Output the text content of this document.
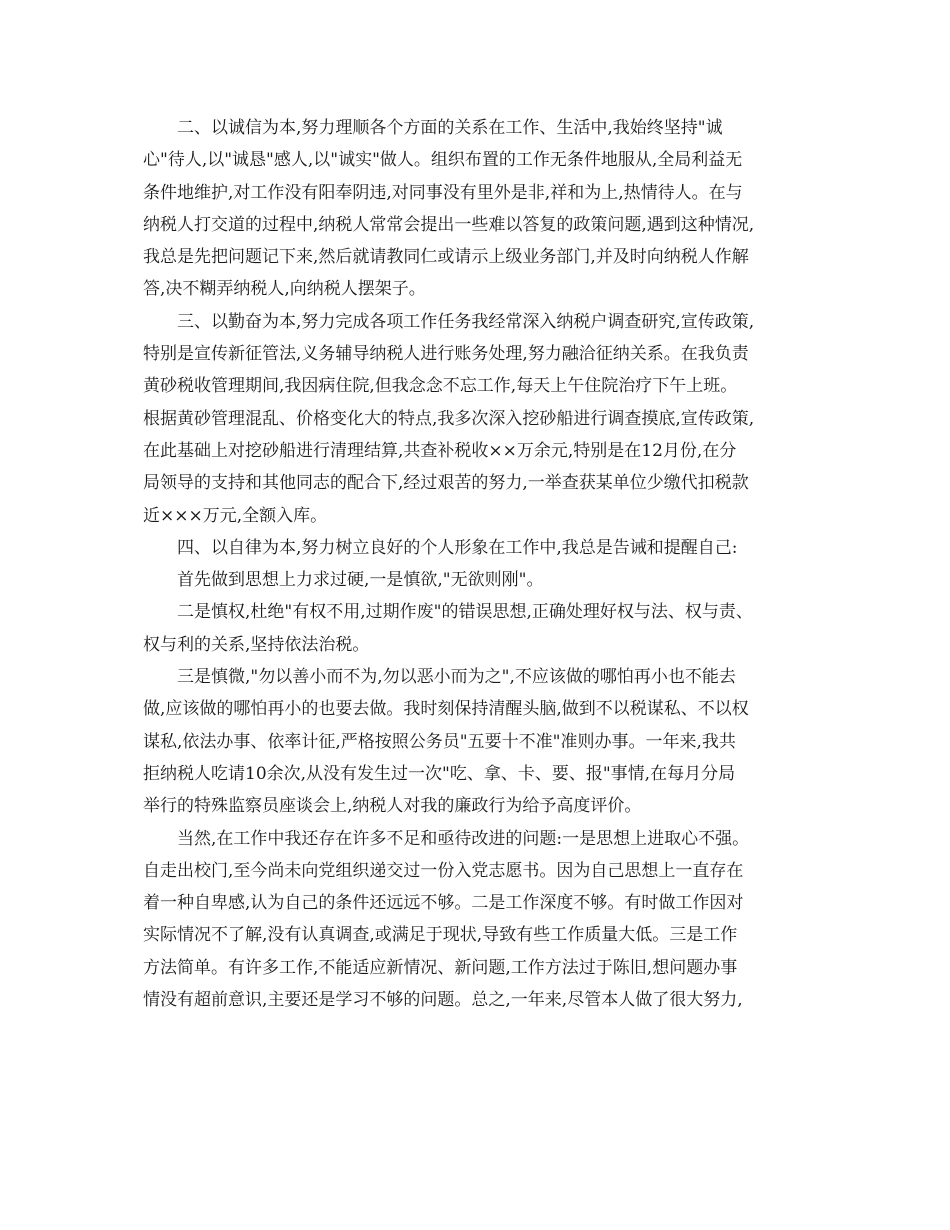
　　二、以诚信为本,努力理顺各个方面的关系在工作、生活中,我始终坚持"诚
心"待人,以"诚恳"感人,以"诚实"做人。组织布置的工作无条件地服从,全局利益无
条件地维护,对工作没有阳奉阴违,对同事没有里外是非,祥和为上,热情待人。在与
纳税人打交道的过程中,纳税人常常会提出一些难以答复的政策问题,遇到这种情况,
我总是先把问题记下来,然后就请教同仁或请示上级业务部门,并及时向纳税人作解
答,决不糊弄纳税人,向纳税人摆架子。

　　三、以勤奋为本,努力完成各项工作任务我经常深入纳税户调查研究,宣传政策,
特别是宣传新征管法,义务辅导纳税人进行账务处理,努力融洽征纳关系。在我负责
黄砂税收管理期间,我因病住院,但我念念不忘工作,每天上午住院治疗下午上班。
根据黄砂管理混乱、价格变化大的特点,我多次深入挖砂船进行调查摸底,宣传政策,
在此基础上对挖砂船进行清理结算,共查补税收××万余元,特别是在12月份,在分
局领导的支持和其他同志的配合下,经过艰苦的努力,一举查获某单位少缴代扣税款
近×××万元,全额入库。

　　四、以自律为本,努力树立良好的个人形象在工作中,我总是告诫和提醒自己:

　　首先做到思想上力求过硬,一是慎欲,"无欲则刚"。

　　二是慎权,杜绝"有权不用,过期作废"的错误思想,正确处理好权与法、权与责、
权与利的关系,坚持依法治税。

　　三是慎微,"勿以善小而不为,勿以恶小而为之",不应该做的哪怕再小也不能去
做,应该做的哪怕再小的也要去做。我时刻保持清醒头脑,做到不以税谋私、不以权
谋私,依法办事、依率计征,严格按照公务员"五要十不准"准则办事。一年来,我共
拒纳税人吃请10余次,从没有发生过一次"吃、拿、卡、要、报"事情,在每月分局
举行的特殊监察员座谈会上,纳税人对我的廉政行为给予高度评价。

　　当然,在工作中我还存在许多不足和亟待改进的问题:一是思想上进取心不强。
自走出校门,至今尚未向党组织递交过一份入党志愿书。因为自己思想上一直存在
着一种自卑感,认为自己的条件还远远不够。二是工作深度不够。有时做工作因对
实际情况不了解,没有认真调查,或满足于现状,导致有些工作质量大低。三是工作
方法简单。有许多工作,不能适应新情况、新问题,工作方法过于陈旧,想问题办事
情没有超前意识,主要还是学习不够的问题。总之,一年来,尽管本人做了很大努力,
